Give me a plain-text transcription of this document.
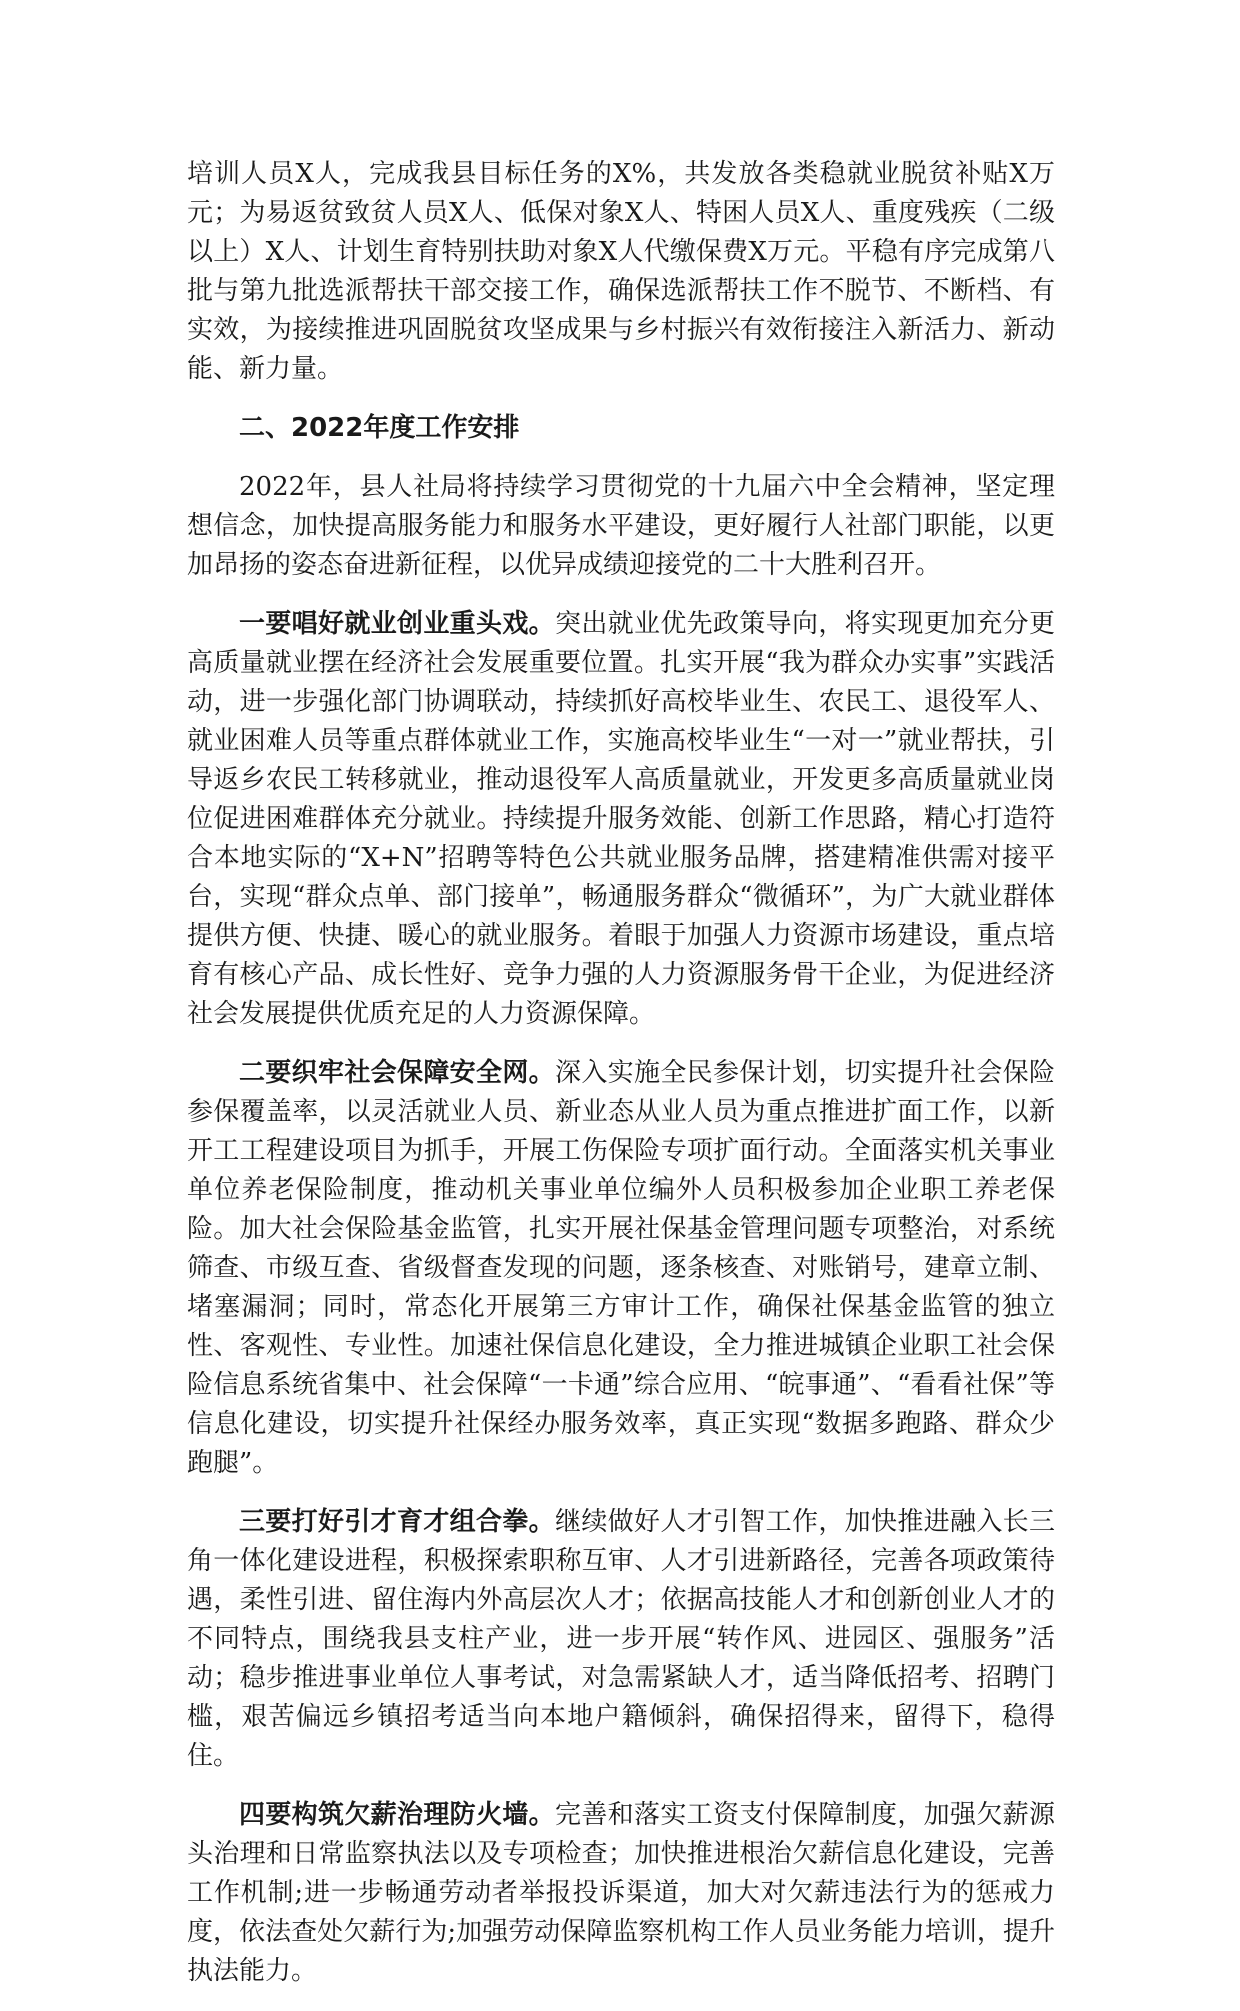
培训人员X人，完成我县目标任务的X%，共发放各类稳就业脱贫补贴X万元；为易返贫致贫人员X人、低保对象X人、特困人员X人、重度残疾（二级以上）X人、计划生育特别扶助对象X人代缴保费X万元。平稳有序完成第八批与第九批选派帮扶干部交接工作，确保选派帮扶工作不脱节、不断档、有实效，为接续推进巩固脱贫攻坚成果与乡村振兴有效衔接注入新活力、新动能、新力量。

二、2022年度工作安排

2022年，县人社局将持续学习贯彻党的十九届六中全会精神，坚定理想信念，加快提高服务能力和服务水平建设，更好履行人社部门职能，以更加昂扬的姿态奋进新征程，以优异成绩迎接党的二十大胜利召开。

一要唱好就业创业重头戏。突出就业优先政策导向，将实现更加充分更高质量就业摆在经济社会发展重要位置。扎实开展“我为群众办实事”实践活动，进一步强化部门协调联动，持续抓好高校毕业生、农民工、退役军人、就业困难人员等重点群体就业工作，实施高校毕业生“一对一”就业帮扶，引导返乡农民工转移就业，推动退役军人高质量就业，开发更多高质量就业岗位促进困难群体充分就业。持续提升服务效能、创新工作思路，精心打造符合本地实际的“X+N”招聘等特色公共就业服务品牌，搭建精准供需对接平台，实现“群众点单、部门接单”，畅通服务群众“微循环”，为广大就业群体提供方便、快捷、暖心的就业服务。着眼于加强人力资源市场建设，重点培育有核心产品、成长性好、竞争力强的人力资源服务骨干企业，为促进经济社会发展提供优质充足的人力资源保障。

二要织牢社会保障安全网。深入实施全民参保计划，切实提升社会保险参保覆盖率，以灵活就业人员、新业态从业人员为重点推进扩面工作，以新开工工程建设项目为抓手，开展工伤保险专项扩面行动。全面落实机关事业单位养老保险制度，推动机关事业单位编外人员积极参加企业职工养老保险。加大社会保险基金监管，扎实开展社保基金管理问题专项整治，对系统筛查、市级互查、省级督查发现的问题，逐条核查、对账销号，建章立制、堵塞漏洞；同时，常态化开展第三方审计工作，确保社保基金监管的独立性、客观性、专业性。加速社保信息化建设，全力推进城镇企业职工社会保险信息系统省集中、社会保障“一卡通”综合应用、“皖事通”、“看看社保”等信息化建设，切实提升社保经办服务效率，真正实现“数据多跑路、群众少跑腿”。

三要打好引才育才组合拳。继续做好人才引智工作，加快推进融入长三角一体化建设进程，积极探索职称互审、人才引进新路径，完善各项政策待遇，柔性引进、留住海内外高层次人才；依据高技能人才和创新创业人才的不同特点，围绕我县支柱产业，进一步开展“转作风、进园区、强服务”活动；稳步推进事业单位人事考试，对急需紧缺人才，适当降低招考、招聘门槛，艰苦偏远乡镇招考适当向本地户籍倾斜，确保招得来，留得下，稳得住。

四要构筑欠薪治理防火墙。完善和落实工资支付保障制度，加强欠薪源头治理和日常监察执法以及专项检查；加快推进根治欠薪信息化建设，完善工作机制;进一步畅通劳动者举报投诉渠道，加大对欠薪违法行为的惩戒力度，依法查处欠薪行为;加强劳动保障监察机构工作人员业务能力培训，提升执法能力。
